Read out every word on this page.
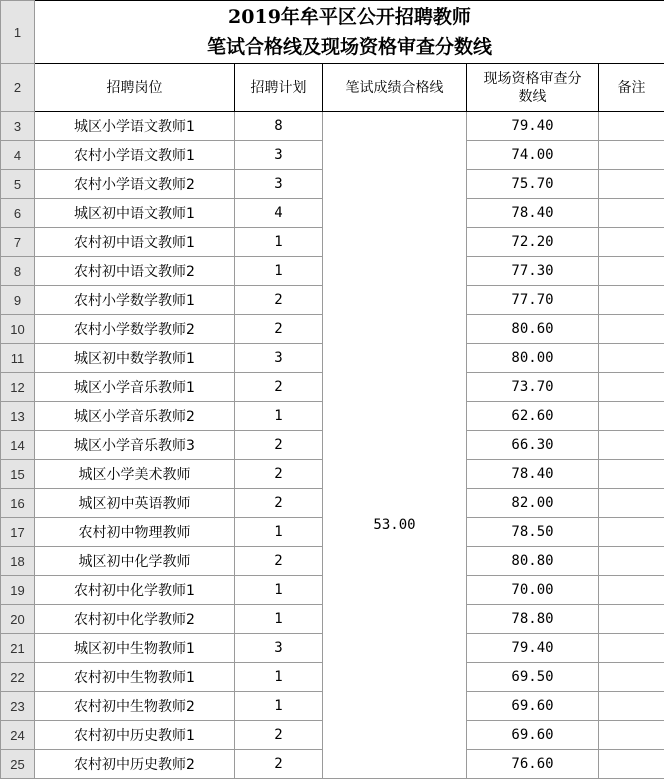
1	2019年牟平区公开招聘教师
笔试合格线及现场资格审查分数线				

2	招聘岗位	招聘计划	笔试成绩合格线	现场资格审查分
数线	备注
3	城区小学语文教师1	8	53.00	79.40	
4	农村小学语文教师1	3		74.00	
5	农村小学语文教师2	3		75.70	
6	城区初中语文教师1	4		78.40	
7	农村初中语文教师1	1		72.20	
8	农村初中语文教师2	1		77.30	
9	农村小学数学教师1	2		77.70	
10	农村小学数学教师2	2		80.60	
11	城区初中数学教师1	3		80.00	
12	城区小学音乐教师1	2		73.70	
13	城区小学音乐教师2	1		62.60	
14	城区小学音乐教师3	2		66.30	
15	城区小学美术教师	2		78.40	
16	城区初中英语教师	2		82.00	
17	农村初中物理教师	1		78.50	
18	城区初中化学教师	2		80.80	
19	农村初中化学教师1	1		70.00	
20	农村初中化学教师2	1		78.80	
21	城区初中生物教师1	3		79.40	
22	农村初中生物教师1	1		69.50	
23	农村初中生物教师2	1		69.60	
24	农村初中历史教师1	2		69.60	
25	农村初中历史教师2	2		76.60	
